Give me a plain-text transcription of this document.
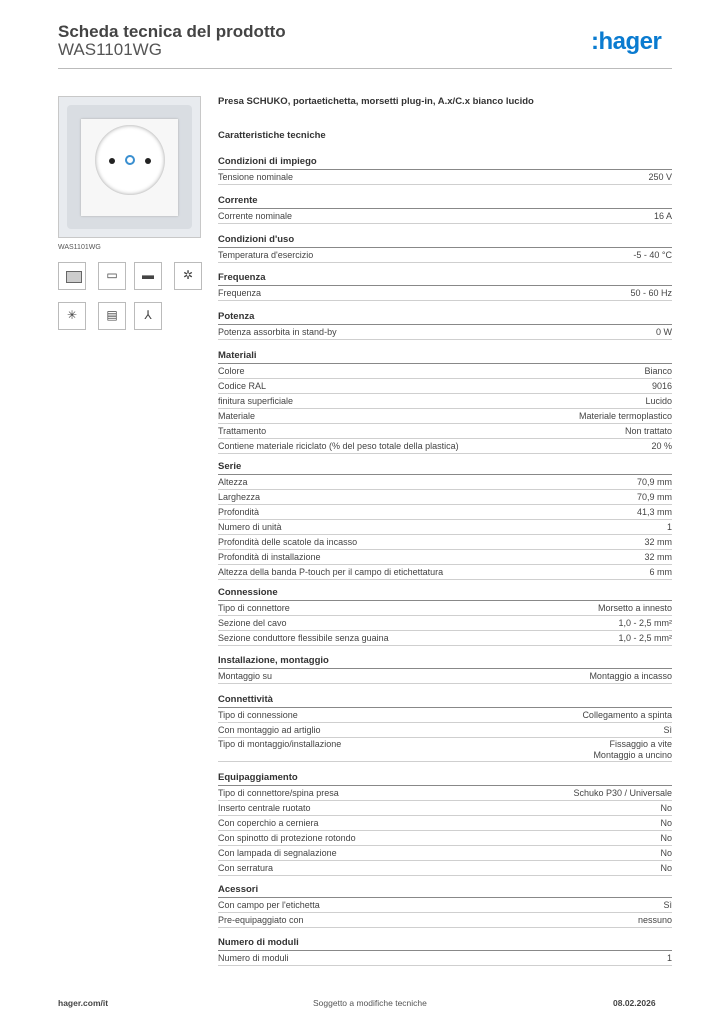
Scheda tecnica del prodotto
WAS1101WG	:hager
WAS1101WG
▭	▬	✲
✳	▤	⅄
Presa SCHUKO, portaetichetta, morsetti plug-in, A.x/C.x bianco lucido
Caratteristiche tecniche
Condizioni di impiego
Tensione nominale	250 V
Corrente
Corrente nominale	16 A
Condizioni d'uso
Temperatura d'esercizio	-5 - 40 °C
Frequenza
Frequenza	50 - 60 Hz
Potenza
Potenza assorbita in stand-by	0 W
Materiali
Colore	Bianco
Codice RAL	9016
finitura superficiale	Lucido
Materiale	Materiale termoplastico
Trattamento	Non trattato
Contiene materiale riciclato (% del peso totale della plastica)	20 %
Serie
Altezza	70,9 mm
Larghezza	70,9 mm
Profondità	41,3 mm
Numero di unità	1
Profondità delle scatole da incasso	32 mm
Profondità di installazione	32 mm
Altezza della banda P-touch per il campo di etichettatura	6 mm
Connessione
Tipo di connettore	Morsetto a innesto
Sezione del cavo	1,0 - 2,5 mm²
Sezione conduttore flessibile senza guaina	1,0 - 2,5 mm²
Installazione, montaggio
Montaggio su	Montaggio a incasso
Connettività
Tipo di connessione	Collegamento a spinta
Con montaggio ad artiglio	Sì
Tipo di montaggio/installazione	Fissaggio a vite
Montaggio a uncino
Equipaggiamento
Tipo di connettore/spina presa	Schuko P30 / Universale
Inserto centrale ruotato	No
Con coperchio a cerniera	No
Con spinotto di protezione rotondo	No
Con lampada di segnalazione	No
Con serratura	No
Acessori
Con campo per l'etichetta	Sì
Pre-equipaggiato con	nessuno
Numero di moduli
Numero di moduli	1
hager.com/it	Soggetto a modifiche tecniche	08.02.2026
